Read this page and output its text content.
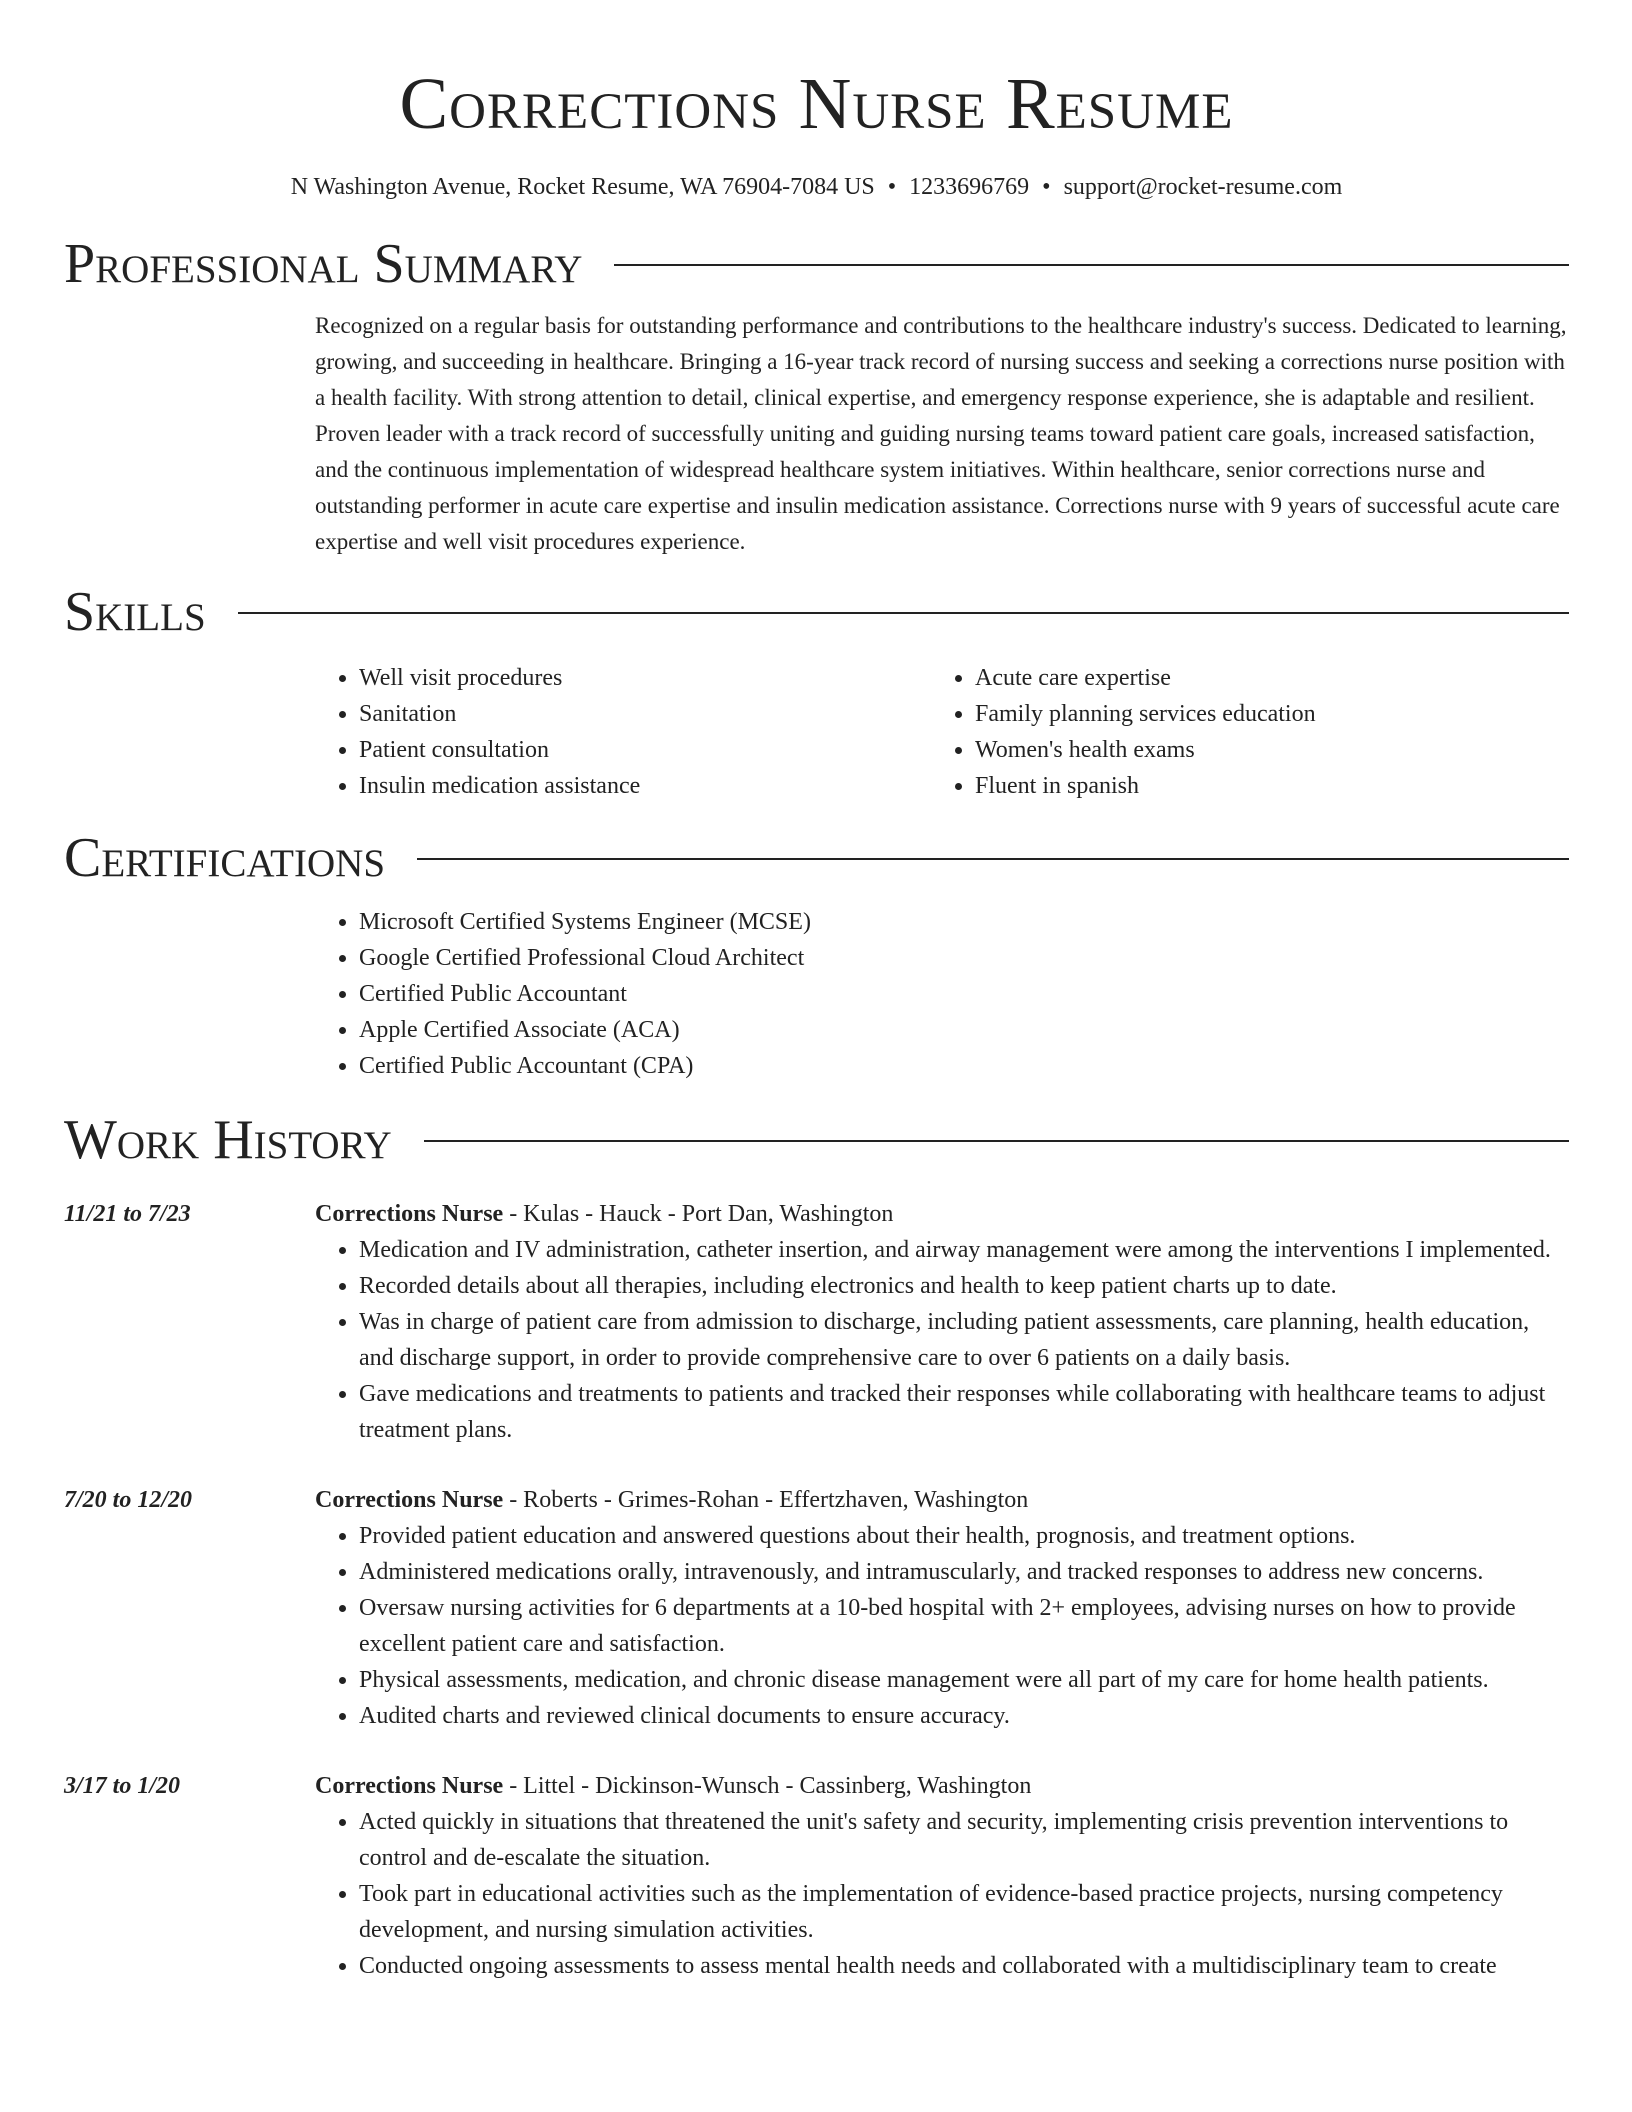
Corrections Nurse Resume
N Washington Avenue, Rocket Resume, WA 76904-7084 US • 1233696769 • support@rocket-resume.com
Professional Summary

Recognized on a regular basis for outstanding performance and contributions to the healthcare industry's success. Dedicated to learning, growing, and succeeding in healthcare. Bringing a 16-year track record of nursing success and seeking a corrections nurse position with a health facility. With strong attention to detail, clinical expertise, and emergency response experience, she is adaptable and resilient. Proven leader with a track record of successfully uniting and guiding nursing teams toward patient care goals, increased satisfaction, and the continuous implementation of widespread healthcare system initiatives. Within healthcare, senior corrections nurse and outstanding performer in acute care expertise and insulin medication assistance. Corrections nurse with 9 years of successful acute care expertise and well visit procedures experience.

Skills
• Well visit procedures
• Sanitation
• Patient consultation
• Insulin medication assistance
• Acute care expertise
• Family planning services education
• Women's health exams
• Fluent in spanish
Certifications
• Microsoft Certified Systems Engineer (MCSE)
• Google Certified Professional Cloud Architect
• Certified Public Accountant
• Apple Certified Associate (ACA)
• Certified Public Accountant (CPA)
Work History
11/21 to 7/23	Corrections Nurse - Kulas - Hauck - Port Dan, Washington
• Medication and IV administration, catheter insertion, and airway management were among the interventions I implemented.
• Recorded details about all therapies, including electronics and health to keep patient charts up to date.
• Was in charge of patient care from admission to discharge, including patient assessments, care planning, health education, and discharge support, in order to provide comprehensive care to over 6 patients on a daily basis.
• Gave medications and treatments to patients and tracked their responses while collaborating with healthcare teams to adjust treatment plans.
7/20 to 12/20	Corrections Nurse - Roberts - Grimes-Rohan - Effertzhaven, Washington
• Provided patient education and answered questions about their health, prognosis, and treatment options.
• Administered medications orally, intravenously, and intramuscularly, and tracked responses to address new concerns.
• Oversaw nursing activities for 6 departments at a 10-bed hospital with 2+ employees, advising nurses on how to provide excellent patient care and satisfaction.
• Physical assessments, medication, and chronic disease management were all part of my care for home health patients.
• Audited charts and reviewed clinical documents to ensure accuracy.
3/17 to 1/20	Corrections Nurse - Littel - Dickinson-Wunsch - Cassinberg, Washington
• Acted quickly in situations that threatened the unit's safety and security, implementing crisis prevention interventions to control and de-escalate the situation.
• Took part in educational activities such as the implementation of evidence-based practice projects, nursing competency development, and nursing simulation activities.
• Conducted ongoing assessments to assess mental health needs and collaborated with a multidisciplinary team to create
